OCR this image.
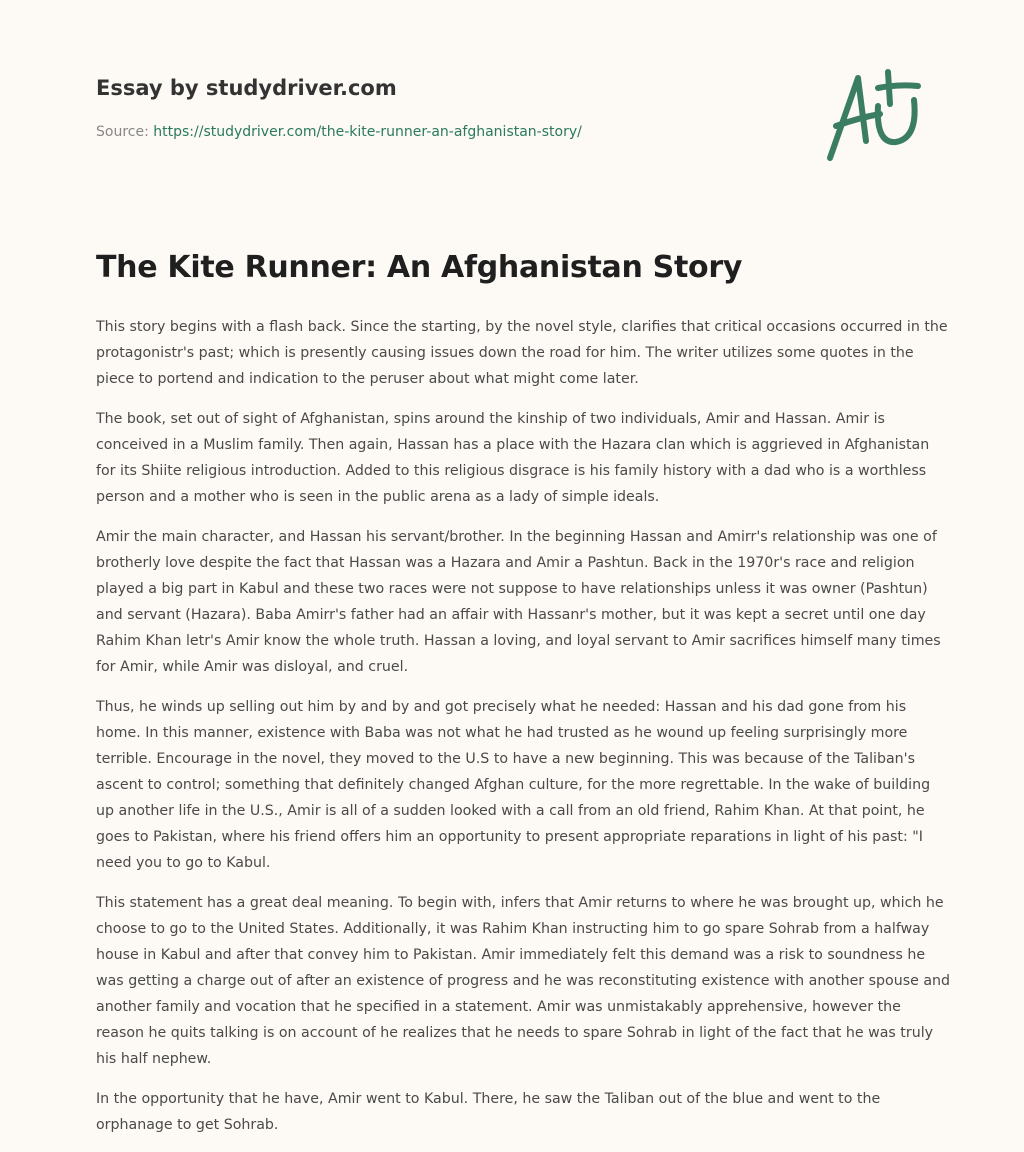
Essay by studydriver.com
Source: https://studydriver.com/the-kite-runner-an-afghanistan-story/
The Kite Runner: An Afghanistan Story

This story begins with a flash back. Since the starting, by the novel style, clarifies that critical occasions occurred in the protagonistr's past; which is presently causing issues down the road for him. The writer utilizes some quotes in the piece to portend and indication to the peruser about what might come later.

The book, set out of sight of Afghanistan, spins around the kinship of two individuals, Amir and Hassan. Amir is conceived in a Muslim family. Then again, Hassan has a place with the Hazara clan which is aggrieved in Afghanistan for its Shiite religious introduction. Added to this religious disgrace is his family history with a dad who is a worthless person and a mother who is seen in the public arena as a lady of simple ideals.

Amir the main character, and Hassan his servant/brother. In the beginning Hassan and Amirr's relationship was one of brotherly love despite the fact that Hassan was a Hazara and Amir a Pashtun. Back in the 1970r's race and religion played a big part in Kabul and these two races were not suppose to have relationships unless it was owner (Pashtun) and servant (Hazara). Baba Amirr's father had an affair with Hassanr's mother, but it was kept a secret until one day Rahim Khan letr's Amir know the whole truth. Hassan a loving, and loyal servant to Amir sacrifices himself many times for Amir, while Amir was disloyal, and cruel.

Thus, he winds up selling out him by and by and got precisely what he needed: Hassan and his dad gone from his home. In this manner, existence with Baba was not what he had trusted as he wound up feeling surprisingly more terrible. Encourage in the novel, they moved to the U.S to have a new beginning. This was because of the Taliban's ascent to control; something that definitely changed Afghan culture, for the more regrettable. In the wake of building up another life in the U.S., Amir is all of a sudden looked with a call from an old friend, Rahim Khan. At that point, he goes to Pakistan, where his friend offers him an opportunity to present appropriate reparations in light of his past: "I need you to go to Kabul.

This statement has a great deal meaning. To begin with, infers that Amir returns to where he was brought up, which he choose to go to the United States. Additionally, it was Rahim Khan instructing him to go spare Sohrab from a halfway house in Kabul and after that convey him to Pakistan. Amir immediately felt this demand was a risk to soundness he was getting a charge out of after an existence of progress and he was reconstituting existence with another spouse and another family and vocation that he specified in a statement. Amir was unmistakably apprehensive, however the reason he quits talking is on account of he realizes that he needs to spare Sohrab in light of the fact that he was truly his half nephew.

In the opportunity that he have, Amir went to Kabul. There, he saw the Taliban out of the blue and went to the orphanage to get Sohrab.
